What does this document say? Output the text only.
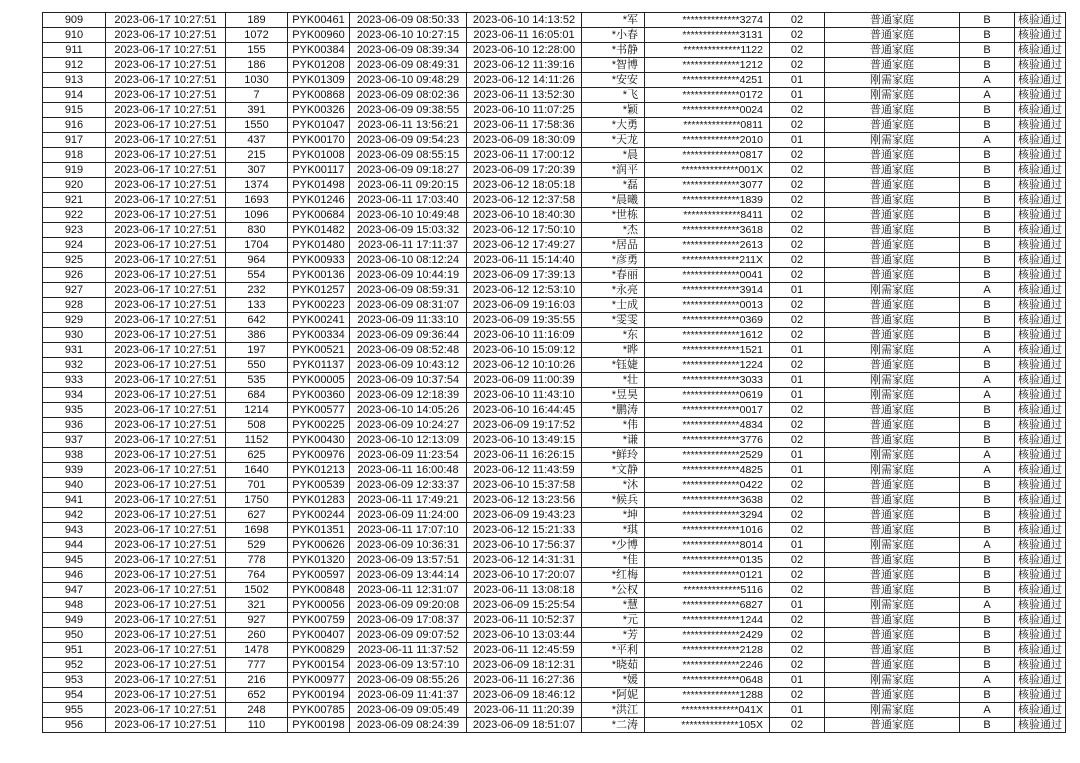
909	2023-06-17 10:27:51	189	PYK00461	2023-06-09 08:50:33	2023-06-10 14:13:52	*军	**************3274	02	普通家庭	B	核验通过
910	2023-06-17 10:27:51	1072	PYK00960	2023-06-10 10:27:15	2023-06-11 16:05:01	*小春	**************3131	02	普通家庭	B	核验通过
911	2023-06-17 10:27:51	155	PYK00384	2023-06-09 08:39:34	2023-06-10 12:28:00	*书静	**************1122	02	普通家庭	B	核验通过
912	2023-06-17 10:27:51	186	PYK01208	2023-06-09 08:49:31	2023-06-12 11:39:16	*智博	**************1212	02	普通家庭	B	核验通过
913	2023-06-17 10:27:51	1030	PYK01309	2023-06-10 09:48:29	2023-06-12 14:11:26	*安安	**************4251	01	刚需家庭	A	核验通过
914	2023-06-17 10:27:51	7	PYK00868	2023-06-09 08:02:36	2023-06-11 13:52:30	*飞	**************0172	01	刚需家庭	A	核验通过
915	2023-06-17 10:27:51	391	PYK00326	2023-06-09 09:38:55	2023-06-10 11:07:25	*颖	**************0024	02	普通家庭	B	核验通过
916	2023-06-17 10:27:51	1550	PYK01047	2023-06-11 13:56:21	2023-06-11 17:58:36	*大勇	**************0811	02	普通家庭	B	核验通过
917	2023-06-17 10:27:51	437	PYK00170	2023-06-09 09:54:23	2023-06-09 18:30:09	*天龙	**************2010	01	刚需家庭	A	核验通过
918	2023-06-17 10:27:51	215	PYK01008	2023-06-09 08:55:15	2023-06-11 17:00:12	*晨	**************0817	02	普通家庭	B	核验通过
919	2023-06-17 10:27:51	307	PYK00117	2023-06-09 09:18:27	2023-06-09 17:20:39	*润平	**************001X	02	普通家庭	B	核验通过
920	2023-06-17 10:27:51	1374	PYK01498	2023-06-11 09:20:15	2023-06-12 18:05:18	*磊	**************3077	02	普通家庭	B	核验通过
921	2023-06-17 10:27:51	1693	PYK01246	2023-06-11 17:03:40	2023-06-12 12:37:58	*晨曦	**************1839	02	普通家庭	B	核验通过
922	2023-06-17 10:27:51	1096	PYK00684	2023-06-10 10:49:48	2023-06-10 18:40:30	*世栋	**************8411	02	普通家庭	B	核验通过
923	2023-06-17 10:27:51	830	PYK01482	2023-06-09 15:03:32	2023-06-12 17:50:10	*杰	**************3618	02	普通家庭	B	核验通过
924	2023-06-17 10:27:51	1704	PYK01480	2023-06-11 17:11:37	2023-06-12 17:49:27	*居品	**************2613	02	普通家庭	B	核验通过
925	2023-06-17 10:27:51	964	PYK00933	2023-06-10 08:12:24	2023-06-11 15:14:40	*彦勇	**************211X	02	普通家庭	B	核验通过
926	2023-06-17 10:27:51	554	PYK00136	2023-06-09 10:44:19	2023-06-09 17:39:13	*春丽	**************0041	02	普通家庭	B	核验通过
927	2023-06-17 10:27:51	232	PYK01257	2023-06-09 08:59:31	2023-06-12 12:53:10	*永亮	**************3914	01	刚需家庭	A	核验通过
928	2023-06-17 10:27:51	133	PYK00223	2023-06-09 08:31:07	2023-06-09 19:16:03	*士成	**************0013	02	普通家庭	B	核验通过
929	2023-06-17 10:27:51	642	PYK00241	2023-06-09 11:33:10	2023-06-09 19:35:55	*雯雯	**************0369	02	普通家庭	B	核验通过
930	2023-06-17 10:27:51	386	PYK00334	2023-06-09 09:36:44	2023-06-10 11:16:09	*东	**************1612	02	普通家庭	B	核验通过
931	2023-06-17 10:27:51	197	PYK00521	2023-06-09 08:52:48	2023-06-10 15:09:12	*晔	**************1521	01	刚需家庭	A	核验通过
932	2023-06-17 10:27:51	550	PYK01137	2023-06-09 10:43:12	2023-06-12 10:10:26	*钰婕	**************1224	02	普通家庭	B	核验通过
933	2023-06-17 10:27:51	535	PYK00005	2023-06-09 10:37:54	2023-06-09 11:00:39	*壮	**************3033	01	刚需家庭	A	核验通过
934	2023-06-17 10:27:51	684	PYK00360	2023-06-09 12:18:39	2023-06-10 11:43:10	*昱昊	**************0619	01	刚需家庭	A	核验通过
935	2023-06-17 10:27:51	1214	PYK00577	2023-06-10 14:05:26	2023-06-10 16:44:45	*鹏涛	**************0017	02	普通家庭	B	核验通过
936	2023-06-17 10:27:51	508	PYK00225	2023-06-09 10:24:27	2023-06-09 19:17:52	*伟	**************4834	02	普通家庭	B	核验通过
937	2023-06-17 10:27:51	1152	PYK00430	2023-06-10 12:13:09	2023-06-10 13:49:15	*谦	**************3776	02	普通家庭	B	核验通过
938	2023-06-17 10:27:51	625	PYK00976	2023-06-09 11:23:54	2023-06-11 16:26:15	*鲜玲	**************2529	01	刚需家庭	A	核验通过
939	2023-06-17 10:27:51	1640	PYK01213	2023-06-11 16:00:48	2023-06-12 11:43:59	*文静	**************4825	01	刚需家庭	A	核验通过
940	2023-06-17 10:27:51	701	PYK00539	2023-06-09 12:33:37	2023-06-10 15:37:58	*沐	**************0422	02	普通家庭	B	核验通过
941	2023-06-17 10:27:51	1750	PYK01283	2023-06-11 17:49:21	2023-06-12 13:23:56	*候兵	**************3638	02	普通家庭	B	核验通过
942	2023-06-17 10:27:51	627	PYK00244	2023-06-09 11:24:00	2023-06-09 19:43:23	*坤	**************3294	02	普通家庭	B	核验通过
943	2023-06-17 10:27:51	1698	PYK01351	2023-06-11 17:07:10	2023-06-12 15:21:33	*琪	**************1016	02	普通家庭	B	核验通过
944	2023-06-17 10:27:51	529	PYK00626	2023-06-09 10:36:31	2023-06-10 17:56:37	*少博	**************8014	01	刚需家庭	A	核验通过
945	2023-06-17 10:27:51	778	PYK01320	2023-06-09 13:57:51	2023-06-12 14:31:31	*佳	**************0135	02	普通家庭	B	核验通过
946	2023-06-17 10:27:51	764	PYK00597	2023-06-09 13:44:14	2023-06-10 17:20:07	*红梅	**************0121	02	普通家庭	B	核验通过
947	2023-06-17 10:27:51	1502	PYK00848	2023-06-11 12:31:07	2023-06-11 13:08:18	*公权	**************5116	02	普通家庭	B	核验通过
948	2023-06-17 10:27:51	321	PYK00056	2023-06-09 09:20:08	2023-06-09 15:25:54	*慧	**************6827	01	刚需家庭	A	核验通过
949	2023-06-17 10:27:51	927	PYK00759	2023-06-09 17:08:37	2023-06-11 10:52:37	*元	**************1244	02	普通家庭	B	核验通过
950	2023-06-17 10:27:51	260	PYK00407	2023-06-09 09:07:52	2023-06-10 13:03:44	*芳	**************2429	02	普通家庭	B	核验通过
951	2023-06-17 10:27:51	1478	PYK00829	2023-06-11 11:37:52	2023-06-11 12:45:59	*平利	**************2128	02	普通家庭	B	核验通过
952	2023-06-17 10:27:51	777	PYK00154	2023-06-09 13:57:10	2023-06-09 18:12:31	*晓茹	**************2246	02	普通家庭	B	核验通过
953	2023-06-17 10:27:51	216	PYK00977	2023-06-09 08:55:26	2023-06-11 16:27:36	*媛	**************0648	01	刚需家庭	A	核验通过
954	2023-06-17 10:27:51	652	PYK00194	2023-06-09 11:41:37	2023-06-09 18:46:12	*阿妮	**************1288	02	普通家庭	B	核验通过
955	2023-06-17 10:27:51	248	PYK00785	2023-06-09 09:05:49	2023-06-11 11:20:39	*洪江	**************041X	01	刚需家庭	A	核验通过
956	2023-06-17 10:27:51	110	PYK00198	2023-06-09 08:24:39	2023-06-09 18:51:07	*二涛	**************105X	02	普通家庭	B	核验通过
